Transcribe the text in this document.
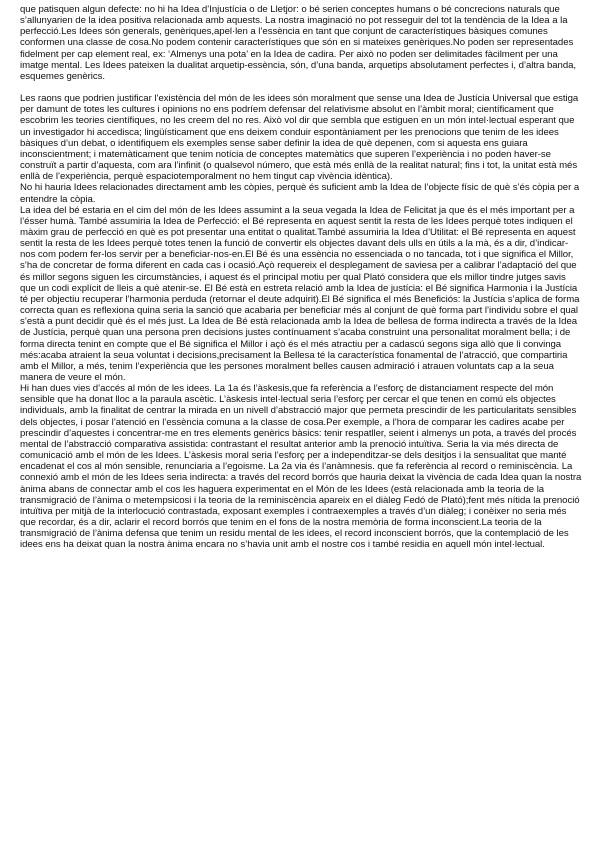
que patisquen algun defecte: no hi ha Idea d’Injustícia o de Lletjor: o bé serien conceptes humans o bé concrecions naturals que s’allunyarien de la idea positiva relacionada amb aquests. La nostra imaginació no pot resseguir del tot la tendència de la Idea a la perfecció.Les Idees són generals, genèriques,apel·len a l’essència en tant que conjunt de característiques bàsiques comunes conformen una classe de cosa.No podem contenir característiques que són en si mateixes genèriques.No poden ser representades fidelment per cap element real, ex: ‘Almenys una pota’ en la Idea de cadira. Per això no poden ser delimitades fàcilment per una imatge mental. Les Idees pateixen la dualitat arquetip-essència, són, d’una banda, arquetips absolutament perfectes i, d’altra banda, esquemes genèrics.

Les raons que podrien justificar l’existència del món de les idees són moralment que sense una Idea de Justícia Universal que estiga per damunt de totes les cultures i opinions no ens podríem defensar del relativisme absolut en l’àmbit moral; científicament que escobrim les teories científiques, no les creem del no res. Això vol dir que sembla que estiguen en un món intel·lectual esperant que un investigador hi accedisca; lingüísticament que ens deixem conduir espontàniament per les prenocions que tenim de les idees bàsiques d’un debat, o identifiquem els exemples sense saber definir la idea de què depenen, com si aquesta ens guiara inconscientment; i matemàticament que tenim notícia de conceptes matemàtics que superen l’experiència i no poden haver-se construït a partir d’aquesta, com ara l’infinit (o qualsevol número, que està més enllà de la realitat natural; fins i tot, la unitat està més enllà de l’experiència, perquè espaciotemporalment no hem tingut cap vivència idèntica).

No hi hauria Idees relacionades directament amb les còpies, perquè és suficient amb la Idea de l’objecte físic de què s’és còpia per a entendre la còpia.

La idea del bé estaria en el cim del món de les Idees assumint a la seua vegada la Idea de Felicitat ja que és el més important per a l’ésser humà. També assumiria la Idea de Perfecció: el Bé representa en aquest sentit la resta de les Idees perquè totes indiquen el màxim grau de perfecció en què es pot presentar una entitat o qualitat.També assumiria la Idea d’Utilitat: el Bé representa en aquest sentit la resta de les Idees perquè totes tenen la funció de convertir els objectes davant dels ulls en útils a la mà, és a dir, d’indicar-nos com podem fer-los servir per a beneficiar-nos-en.El Bé és una essència no essenciada o no tancada, tot i que significa el Millor, s’ha de concretar de forma diferent en cada cas i ocasió.Açò requereix el desplegament de saviesa per a calibrar l’adaptació del que és millor segons siguen les circumstàncies, i aquest és el principal motiu per qual Plató considera que els millor tindre jutges savis que un codi explícit de lleis a què atenir-se. El Bé està en estreta relació amb la Idea de justícia: el Bé significa Harmonia i la Justícia té per objectiu recuperar l’harmonia perduda (retornar el deute adquirit).El Bé significa el més Beneficiós: la Justícia s’aplica de forma correcta quan es reflexiona quina seria la sanció que acabaria per beneficiar més al conjunt de què forma part l’individu sobre el qual s’està a punt decidir què és el més just. La Idea de Bé està relacionada amb la Idea de bellesa de forma indirecta a través de la Idea de Justícia, perquè quan una persona pren decisions justes contínuament s’acaba construint una personalitat moralment bella; i de forma directa tenint en compte que el Bé significa el Millor i açò és el més atractiu per a cadascú segons siga allò que li convinga més:acaba atraient la seua voluntat i decisions,precisament la Bellesa té la característica fonamental de l’atracció, que compartiria amb el Millor, a més, tenim l’experiència que les persones moralment belles causen admiració i atrauen voluntats cap a la seua manera de veure el món.

Hi han dues vies d’accés al món de les idees. La 1a és l’àskesis,que fa referència a l’esforç de distanciament respecte del món sensible que ha donat lloc a la paraula ascètic. L’àskesis intel·lectual seria l’esforç per cercar el que tenen en comú els objectes individuals, amb la finalitat de centrar la mirada en un nivell d’abstracció major que permeta prescindir de les particularitats sensibles dels objectes, i posar l’atenció en l’essència comuna a la classe de cosa.Per exemple, a l’hora de comparar les cadires acabe per prescindir d’aquestes i concentrar-me en tres elements genèrics bàsics: tenir respatller, seient i almenys un pota, a través del procés mental de l’abstracció comparativa assistida: contrastant el resultat anterior amb la prenoció intuïtiva. Seria la via més directa de comunicació amb el món de les Idees. L’àskesis moral seria l’esforç per a independitzar-se dels desitjos i la sensualitat que manté encadenat el cos al món sensible, renunciaria a l’egoisme. La 2a via és l’anàmnesis. que fa referència al record o reminiscència. La connexió amb el món de les Idees seria indirecta: a través del record borrós que hauria deixat la vivència de cada Idea quan la nostra ànima abans de connectar amb el cos les haguera experimentat en el Món de les Idees (està relacionada amb la teoria de la transmigració de l’ànima o metempsicosi i la teoria de la reminiscència apareix en el diàleg Fedó de Plató);fent més nítida la prenoció intuïtiva per mitjà de la interlocució contrastada, exposant exemples i contraexemples a través d’un diàleg; i conèixer no seria més que recordar, és a dir, aclarir el record borrós que tenim en el fons de la nostra memòria de forma inconscient.La teoria de la transmigració de l’ànima defensa que tenim un residu mental de les idees, el record inconscient borrós, que la contemplació de les idees ens ha deixat quan la nostra ànima encara no s’havia unit amb el nostre cos i també residia en aquell món intel·lectual.
